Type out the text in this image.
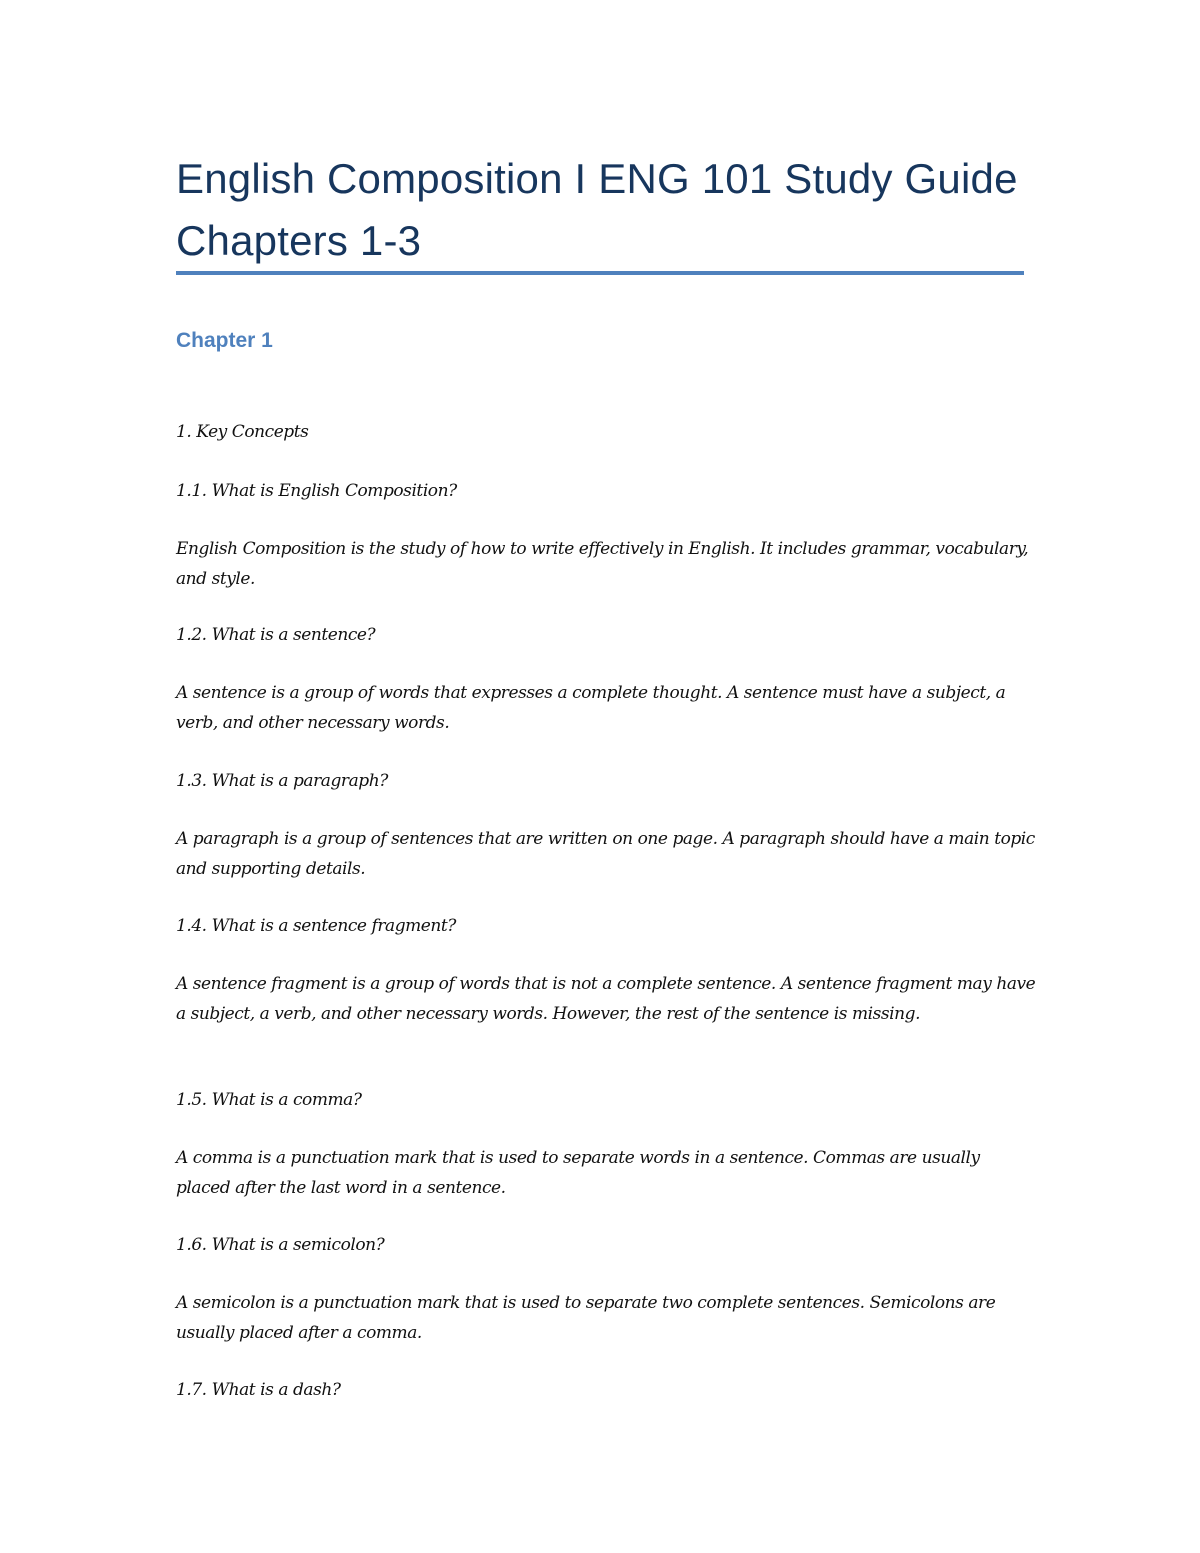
English Composition I ENG 101 Study Guide Chapters 1-3
Chapter 1

1. Key Concepts

1.1. What is English Composition?

English Composition is the study of how to write effectively in English. It includes grammar, vocabulary, and style.

1.2. What is a sentence?

A sentence is a group of words that expresses a complete thought. A sentence must have a subject, a verb, and other necessary words.

1.3. What is a paragraph?

A paragraph is a group of sentences that are written on one page. A paragraph should have a main topic and supporting details.

1.4. What is a sentence fragment?

A sentence fragment is a group of words that is not a complete sentence. A sentence fragment may have a subject, a verb, and other necessary words. However, the rest of the sentence is missing.

1.5. What is a comma?

A comma is a punctuation mark that is used to separate words in a sentence. Commas are usually placed after the last word in a sentence.

1.6. What is a semicolon?

A semicolon is a punctuation mark that is used to separate two complete sentences. Semicolons are usually placed after a comma.

1.7. What is a dash?
